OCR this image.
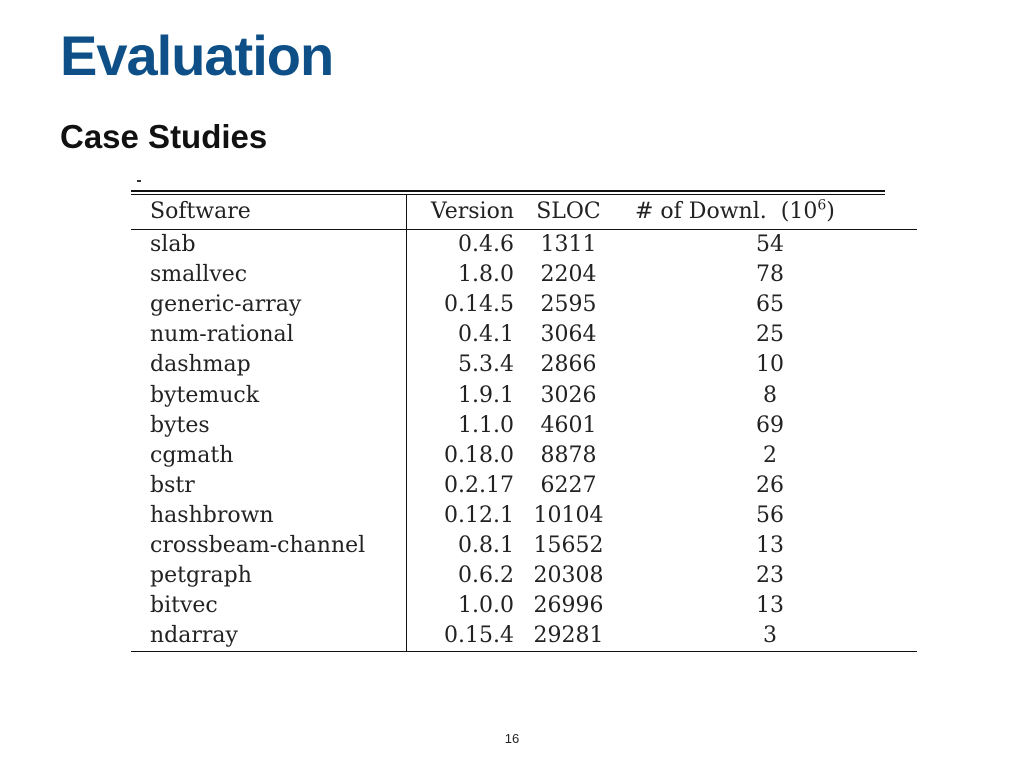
Evaluation
Case Studies
Software	Version	SLOC	# of Downl. $(10^6)$
slab	0.4.6	1311	54
smallvec	1.8.0	2204	78
generic-array	0.14.5	2595	65
num-rational	0.4.1	3064	25
dashmap	5.3.4	2866	10
bytemuck	1.9.1	3026	8
bytes	1.1.0	4601	69
cgmath	0.18.0	8878	2
bstr	0.2.17	6227	26
hashbrown	0.12.1	10104	56
crossbeam-channel	0.8.1	15652	13
petgraph	0.6.2	20308	23
bitvec	1.0.0	26996	13
ndarray	0.15.4	29281	3
16
